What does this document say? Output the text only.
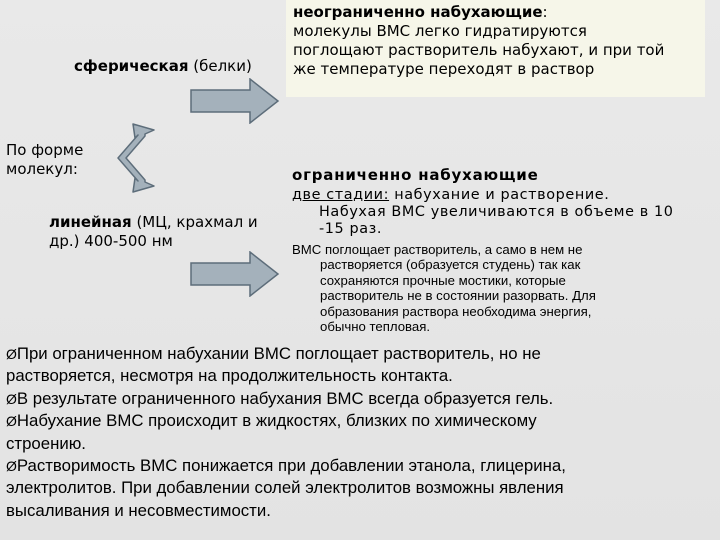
неограниченно набухающие:
молекулы ВМС легко гидратируются
поглощают растворитель набухают, и при той
же температуре переходят в раствор
сферическая (белки)
По форме
молекул:
линейная (МЦ, крахмал и
др.) 400-500 нм
ограниченно набухающие
две стадии: набухание и растворение.
Набухая ВМС увеличиваются в объеме в 10
-15 раз.
ВМС поглощает растворитель, а само в нем не
растворяется (образуется студень) так как
сохраняются прочные мостики, которые
растворитель не в состоянии разорвать. Для
образования раствора необходима энергия,
обычно тепловая.

ØПри ограниченном набухании ВМС поглощает растворитель, но не
растворяется, несмотря на продолжительность контакта.

ØВ результате ограниченного набухания ВМС всегда образуется гель.

ØНабухание ВМС происходит в жидкостях, близких по химическому
строению.

ØРастворимость ВМС понижается при добавлении этанола, глицерина,
электролитов. При добавлении солей электролитов возможны явления
высаливания и несовместимости.
